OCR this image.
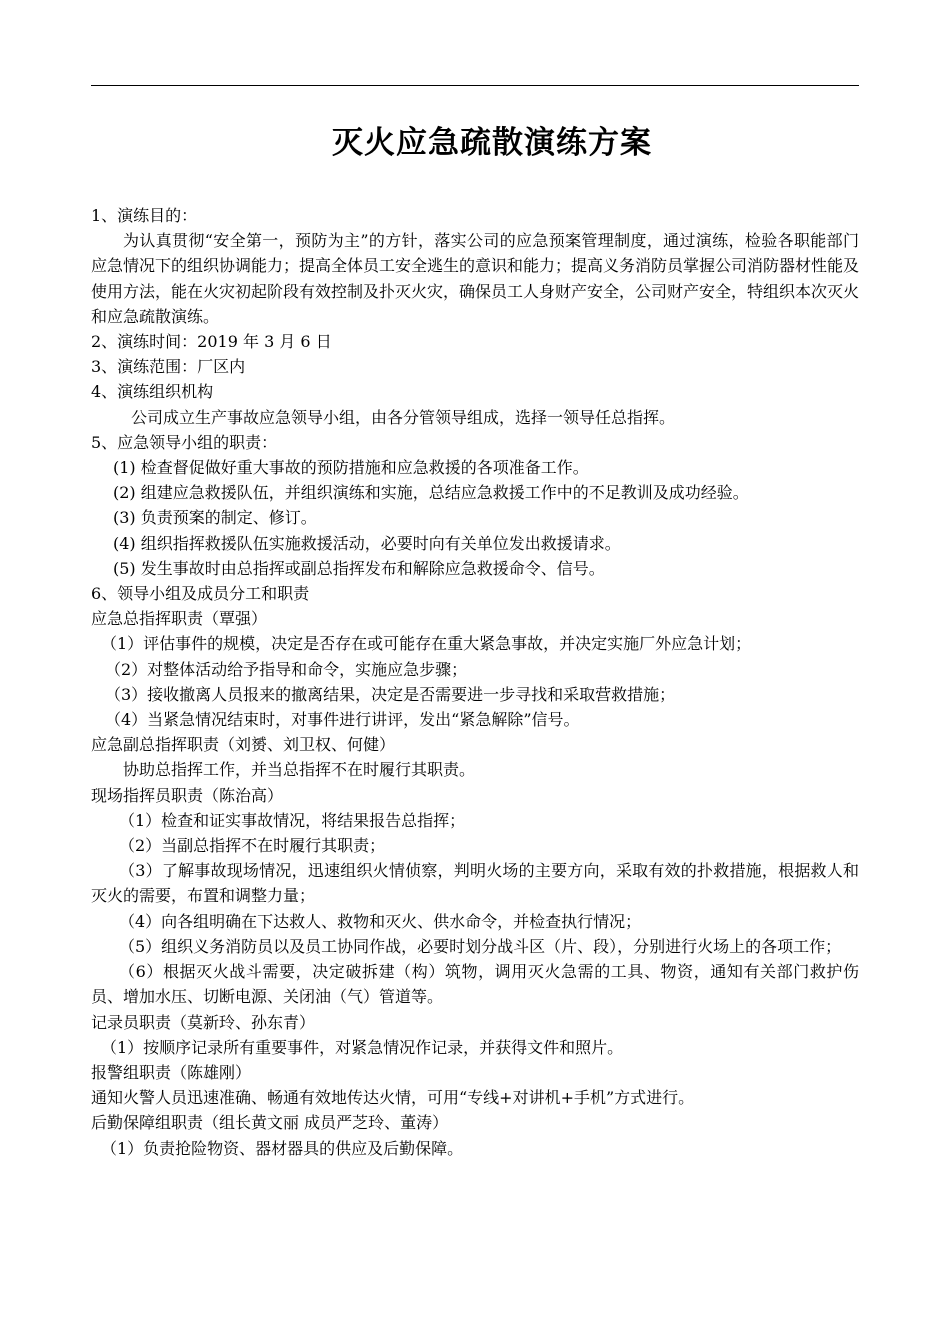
灭火应急疏散演练方案

1、演练目的：

为认真贯彻“安全第一，预防为主”的方针，落实公司的应急预案管理制度，通过演练，检验各职能部门应急情况下的组织协调能力；提高全体员工安全逃生的意识和能力；提高义务消防员掌握公司消防器材性能及使用方法，能在火灾初起阶段有效控制及扑灭火灾，确保员工人身财产安全，公司财产安全，特组织本次灭火和应急疏散演练。

2、演练时间：2019 年 3 月 6 日

3、演练范围：厂区内

4、演练组织机构

公司成立生产事故应急领导小组，由各分管领导组成，选择一领导任总指挥。

5、应急领导小组的职责：

(1) 检查督促做好重大事故的预防措施和应急救援的各项准备工作。

(2) 组建应急救援队伍，并组织演练和实施，总结应急救援工作中的不足教训及成功经验。

(3) 负责预案的制定、修订。

(4) 组织指挥救援队伍实施救援活动，必要时向有关单位发出救援请求。

(5) 发生事故时由总指挥或副总指挥发布和解除应急救援命令、信号。

6、领导小组及成员分工和职责

应急总指挥职责（覃强）

（1）评估事件的规模，决定是否存在或可能存在重大紧急事故，并决定实施厂外应急计划；

（2）对整体活动给予指导和命令，实施应急步骤；

（3）接收撤离人员报来的撤离结果，决定是否需要进一步寻找和采取营救措施；

（4）当紧急情况结束时，对事件进行讲评，发出“紧急解除”信号。

应急副总指挥职责（刘赟、刘卫权、何健）

协助总指挥工作，并当总指挥不在时履行其职责。

现场指挥员职责（陈治高）

（1）检查和证实事故情况，将结果报告总指挥；

（2）当副总指挥不在时履行其职责；

（3）了解事故现场情况，迅速组织火情侦察，判明火场的主要方向，采取有效的扑救措施，根据救人和灭火的需要，布置和调整力量；

（4）向各组明确在下达救人、救物和灭火、供水命令，并检查执行情况；

（5）组织义务消防员以及员工协同作战，必要时划分战斗区（片、段），分别进行火场上的各项工作；

（6）根据灭火战斗需要，决定破拆建（构）筑物，调用灭火急需的工具、物资，通知有关部门救护伤员、增加水压、切断电源、关闭油（气）管道等。

记录员职责（莫新玲、孙东青）

（1）按顺序记录所有重要事件，对紧急情况作记录，并获得文件和照片。

报警组职责（陈雄刚）

通知火警人员迅速准确、畅通有效地传达火情，可用“专线+对讲机+手机”方式进行。

后勤保障组职责（组长黄文丽 成员严芝玲、董涛）

（1）负责抢险物资、器材器具的供应及后勤保障。
